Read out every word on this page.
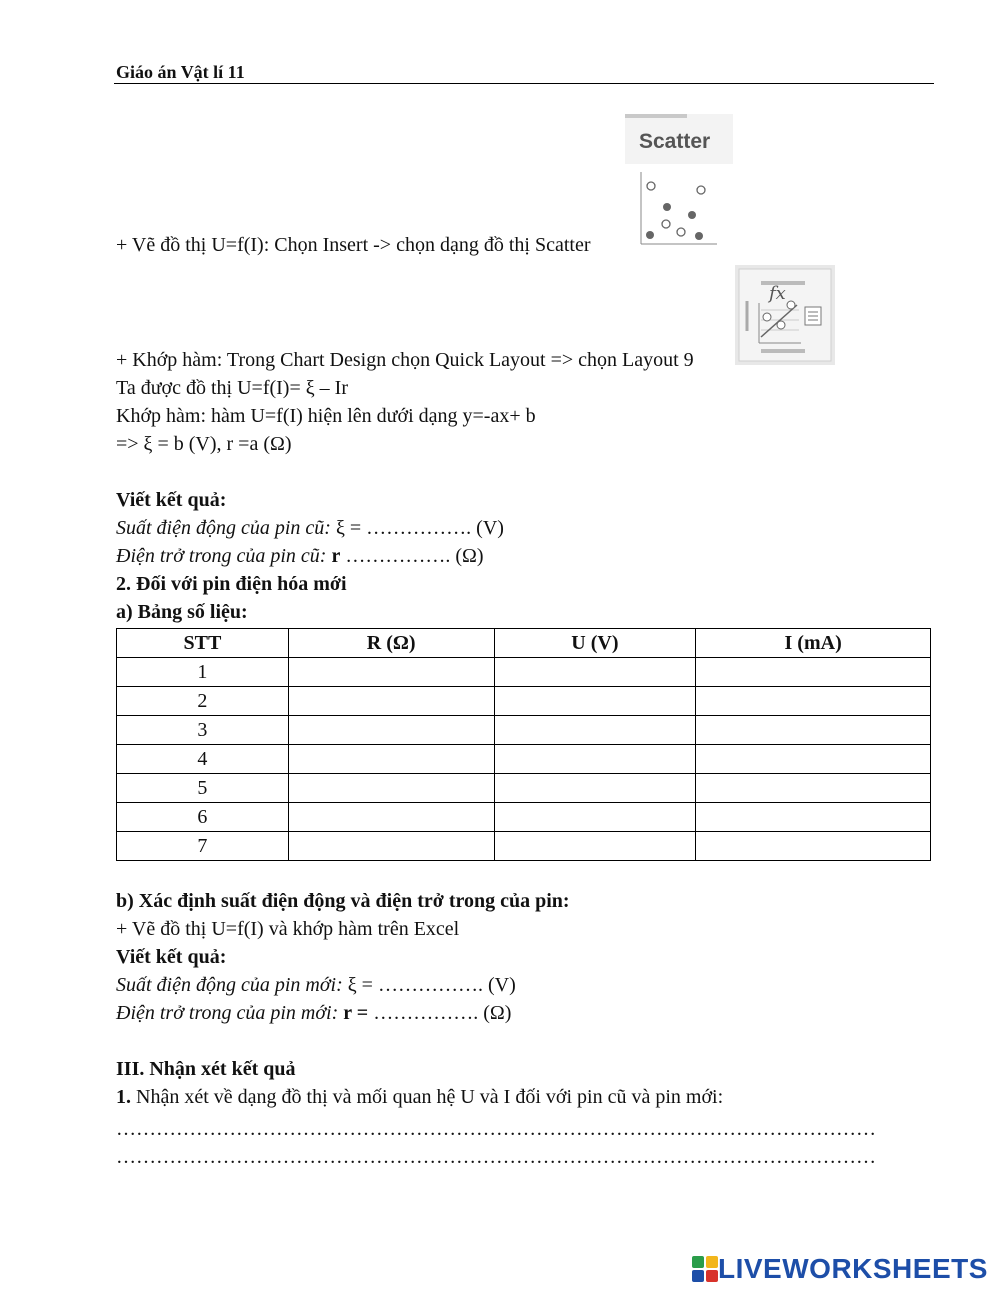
Giáo án Vật lí 11
Scatter
+ Vẽ đồ thị U=f(I): Chọn Insert -> chọn dạng đồ thị Scatter
fx
+ Khớp hàm: Trong Chart Design chọn Quick Layout => chọn Layout 9
Ta được đồ thị U=f(I)= ξ – Ir
Khớp hàm: hàm U=f(I) hiện lên dưới dạng y=-ax+ b
=> ξ = b (V), r =a (Ω)
Viết kết quả:
Suất điện động của pin cũ: ξ = ……………. (V)
Điện trở trong của pin cũ: r ……………. (Ω)
2. Đối với pin điện hóa mới
a) Bảng số liệu:
STT	R (Ω)	U (V)	I (mA)
1			
2			
3			
4			
5			
6			
7			
b) Xác định suất điện động và điện trở trong của pin:
+ Vẽ đồ thị U=f(I) và khớp hàm trên Excel
Viết kết quả:
Suất điện động của pin mới: ξ = ……………. (V)
Điện trở trong của pin mới: r = ……………. (Ω)
III. Nhận xét kết quả
1. Nhận xét về dạng đồ thị và mối quan hệ U và I đối với pin cũ và pin mới:
……………………………………………………………………………………………………
……………………………………………………………………………………………………
LIVEWORKSHEETS
